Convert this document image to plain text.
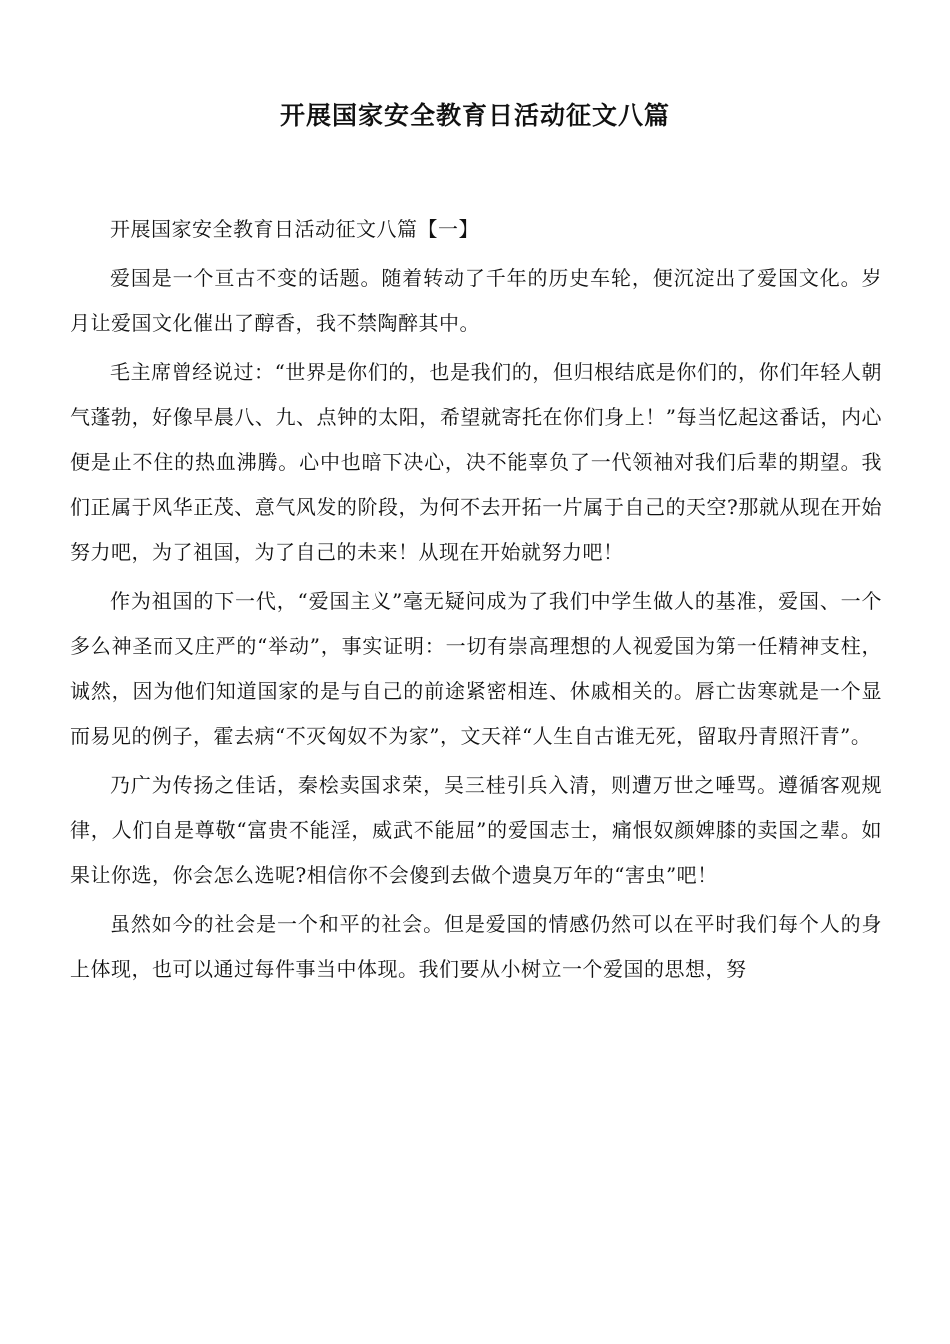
开展国家安全教育日活动征文八篇

开展国家安全教育日活动征文八篇【一】

爱国是一个亘古不变的话题。随着转动了千年的历史车轮，便沉淀出了爱国文化。岁月让爱国文化催出了醇香，我不禁陶醉其中。

毛主席曾经说过：“世界是你们的，也是我们的，但归根结底是你们的，你们年轻人朝气蓬勃，好像早晨八、九、点钟的太阳，希望就寄托在你们身上！”每当忆起这番话，内心便是止不住的热血沸腾。心中也暗下决心，决不能辜负了一代领袖对我们后辈的期望。我们正属于风华正茂、意气风发的阶段，为何不去开拓一片属于自己的天空?那就从现在开始努力吧，为了祖国，为了自己的未来！从现在开始就努力吧！

作为祖国的下一代，“爱国主义”毫无疑问成为了我们中学生做人的基准，爱国、一个多么神圣而又庄严的“举动”，事实证明：一切有崇高理想的人视爱国为第一任精神支柱，诚然，因为他们知道国家的是与自己的前途紧密相连、休戚相关的。唇亡齿寒就是一个显而易见的例子，霍去病“不灭匈奴不为家”，文天祥“人生自古谁无死，留取丹青照汗青”。

乃广为传扬之佳话，秦桧卖国求荣，吴三桂引兵入清，则遭万世之唾骂。遵循客观规律，人们自是尊敬“富贵不能淫，威武不能屈”的爱国志士，痛恨奴颜婢膝的卖国之辈。如果让你选，你会怎么选呢?相信你不会傻到去做个遗臭万年的“害虫”吧！

虽然如今的社会是一个和平的社会。但是爱国的情感仍然可以在平时我们每个人的身上体现，也可以通过每件事当中体现。我们要从小树立一个爱国的思想，努
